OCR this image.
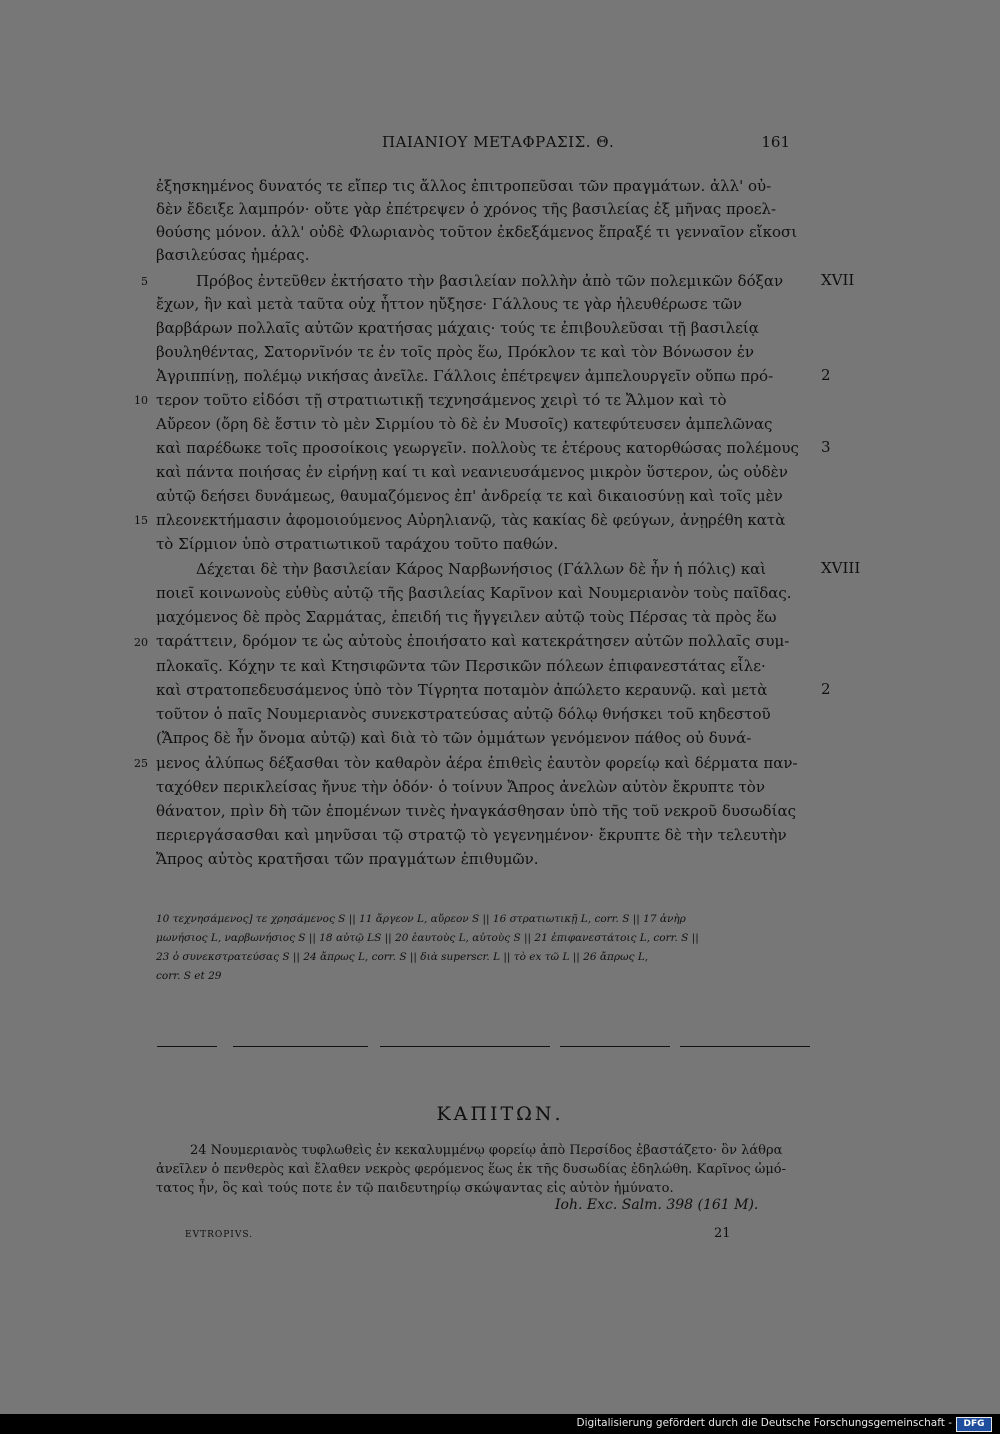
ΠΑΙΑΝΙΟΥ ΜΕΤΑΦΡΑΣΙΣ. Θ.	161
ἐξησκημένος δυνατός τε εἴπερ τις ἄλλος ἐπιτροπεῦσαι τῶν πραγμάτων. ἀλλ' οὐ-
δὲν ἔδειξε λαμπρόν· οὔτε γὰρ ἐπέτρεψεν ὁ χρόνος τῆς βασιλείας ἐξ μῆνας προελ-
θούσης μόνον. ἀλλ' οὐδὲ Φλωριανὸς τοῦτον ἐκδεξάμενος ἔπραξέ τι γενναῖον εἴκοσι
βασιλεύσας ἡμέρας.
Πρόβος ἐντεῦθεν ἐκτήσατο τὴν βασιλείαν πολλὴν ἀπὸ τῶν πολεμικῶν δόξαν
ἔχων, ἣν καὶ μετὰ ταῦτα οὐχ ἧττον ηὔξησε· Γάλλους τε γὰρ ἠλευθέρωσε τῶν
βαρβάρων πολλαῖς αὐτῶν κρατήσας μάχαις· τούς τε ἐπιβουλεῦσαι τῇ βασιλείᾳ
βουληθέντας, Σατορνῖνόν τε ἐν τοῖς πρὸς ἕω, Πρόκλον τε καὶ τὸν Βόνωσον ἐν
Ἀγριππίνῃ, πολέμῳ νικήσας ἀνεῖλε. Γάλλοις ἐπέτρεψεν ἀμπελουργεῖν οὔπω πρό-
τερον τοῦτο εἰδόσι τῇ στρατιωτικῇ τεχνησάμενος χειρὶ τό τε Ἄλμον καὶ τὸ
Αὔρεον (ὄρη δὲ ἔστιν τὸ μὲν Σιρμίου τὸ δὲ ἐν Μυσοῖς) κατεφύτευσεν ἀμπελῶνας
καὶ παρέδωκε τοῖς προσοίκοις γεωργεῖν. πολλοὺς τε ἑτέρους κατορθώσας πολέμους
καὶ πάντα ποιήσας ἐν εἰρήνῃ καί τι καὶ νεανιευσάμενος μικρὸν ὕστερον, ὡς οὐδὲν
αὐτῷ δεήσει δυνάμεως, θαυμαζόμενος ἐπ' ἀνδρείᾳ τε καὶ δικαιοσύνῃ καὶ τοῖς μὲν
πλεονεκτήμασιν ἀφομοιούμενος Αὐρηλιανῷ, τὰς κακίας δὲ φεύγων, ἀνῃρέθη κατὰ
τὸ Σίρμιον ὑπὸ στρατιωτικοῦ ταράχου τοῦτο παθών.
Δέχεται δὲ τὴν βασιλείαν Κάρος Ναρβωνήσιος (Γάλλων δὲ ἦν ἡ πόλις) καὶ
ποιεῖ κοινωνοὺς εὐθὺς αὐτῷ τῆς βασιλείας Καρῖνον καὶ Νουμεριανὸν τοὺς παῖδας.
μαχόμενος δὲ πρὸς Σαρμάτας, ἐπειδή τις ἤγγειλεν αὐτῷ τοὺς Πέρσας τὰ πρὸς ἕω
ταράττειν, δρόμον τε ὡς αὐτοὺς ἐποιήσατο καὶ κατεκράτησεν αὐτῶν πολλαῖς συμ-
πλοκαῖς. Κόχην τε καὶ Κτησιφῶντα τῶν Περσικῶν πόλεων ἐπιφανεστάτας εἷλε·
καὶ στρατοπεδευσάμενος ὑπὸ τὸν Τίγρητα ποταμὸν ἀπώλετο κεραυνῷ. καὶ μετὰ
τοῦτον ὁ παῖς Νουμεριανὸς συνεκστρατεύσας αὐτῷ δόλῳ θνήσκει τοῦ κηδεστοῦ
(Ἄπρος δὲ ἦν ὄνομα αὐτῷ) καὶ διὰ τὸ τῶν ὀμμάτων γενόμενον πάθος οὐ δυνά-
μενος ἀλύπως δέξασθαι τὸν καθαρὸν ἀέρα ἐπιθεὶς ἑαυτὸν φορείῳ καὶ δέρματα παν-
ταχόθεν περικλείσας ἤνυε τὴν ὁδόν· ὁ τοίνυν Ἄπρος ἀνελὼν αὐτὸν ἔκρυπτε τὸν
θάνατον, πρὶν δὴ τῶν ἑπομένων τινὲς ἠναγκάσθησαν ὑπὸ τῆς τοῦ νεκροῦ δυσωδίας
περιεργάσασθαι καὶ μηνῦσαι τῷ στρατῷ τὸ γεγενημένον· ἔκρυπτε δὲ τὴν τελευτὴν
Ἄπρος αὐτὸς κρατῆσαι τῶν πραγμάτων ἐπιθυμῶν.
5
10
15
20
25
XVII
2
3
XVIII
2
10 τεχνησάμενος] τε χρησάμενος S || 11 ἄργεον L, αὔρεον S || 16 στρατιωτικῇ L, corr. S || 17 ἀνὴρ
μωνήσιος L, ναρβωνήσιος S || 18 αὐτῷ LS || 20 ἑαυτοὺς L, αὐτοὺς S || 21 ἐπιφανεστάτοις L, corr. S ||
23 ὁ συνεκστρατεύσας S || 24 ἄπρως L, corr. S || διὰ superscr. L || τὸ ex τῶ L || 26 ἄπρως L,
corr. S et 29
ΚΑΠΙΤΩΝ.
24 Νουμεριανὸς τυφλωθεὶς ἐν κεκαλυμμένῳ φορείῳ ἀπὸ Περσίδος ἐβαστάζετο· ὃν λάθρα
ἀνεῖλεν ὁ πενθερὸς καὶ ἔλαθεν νεκρὸς φερόμενος ἕως ἐκ τῆς δυσωδίας ἐδηλώθη. Καρῖνος ὠμό-
τατος ἦν, ὃς καὶ τούς ποτε ἐν τῷ παιδευτηρίῳ σκώψαντας εἰς αὐτὸν ἠμύνατο.
Ioh. Exc. Salm. 398 (161 M).
EVTROPIVS.	21
Digitalisierung gefördert durch die Deutsche Forschungsgemeinschaft -	DFG
